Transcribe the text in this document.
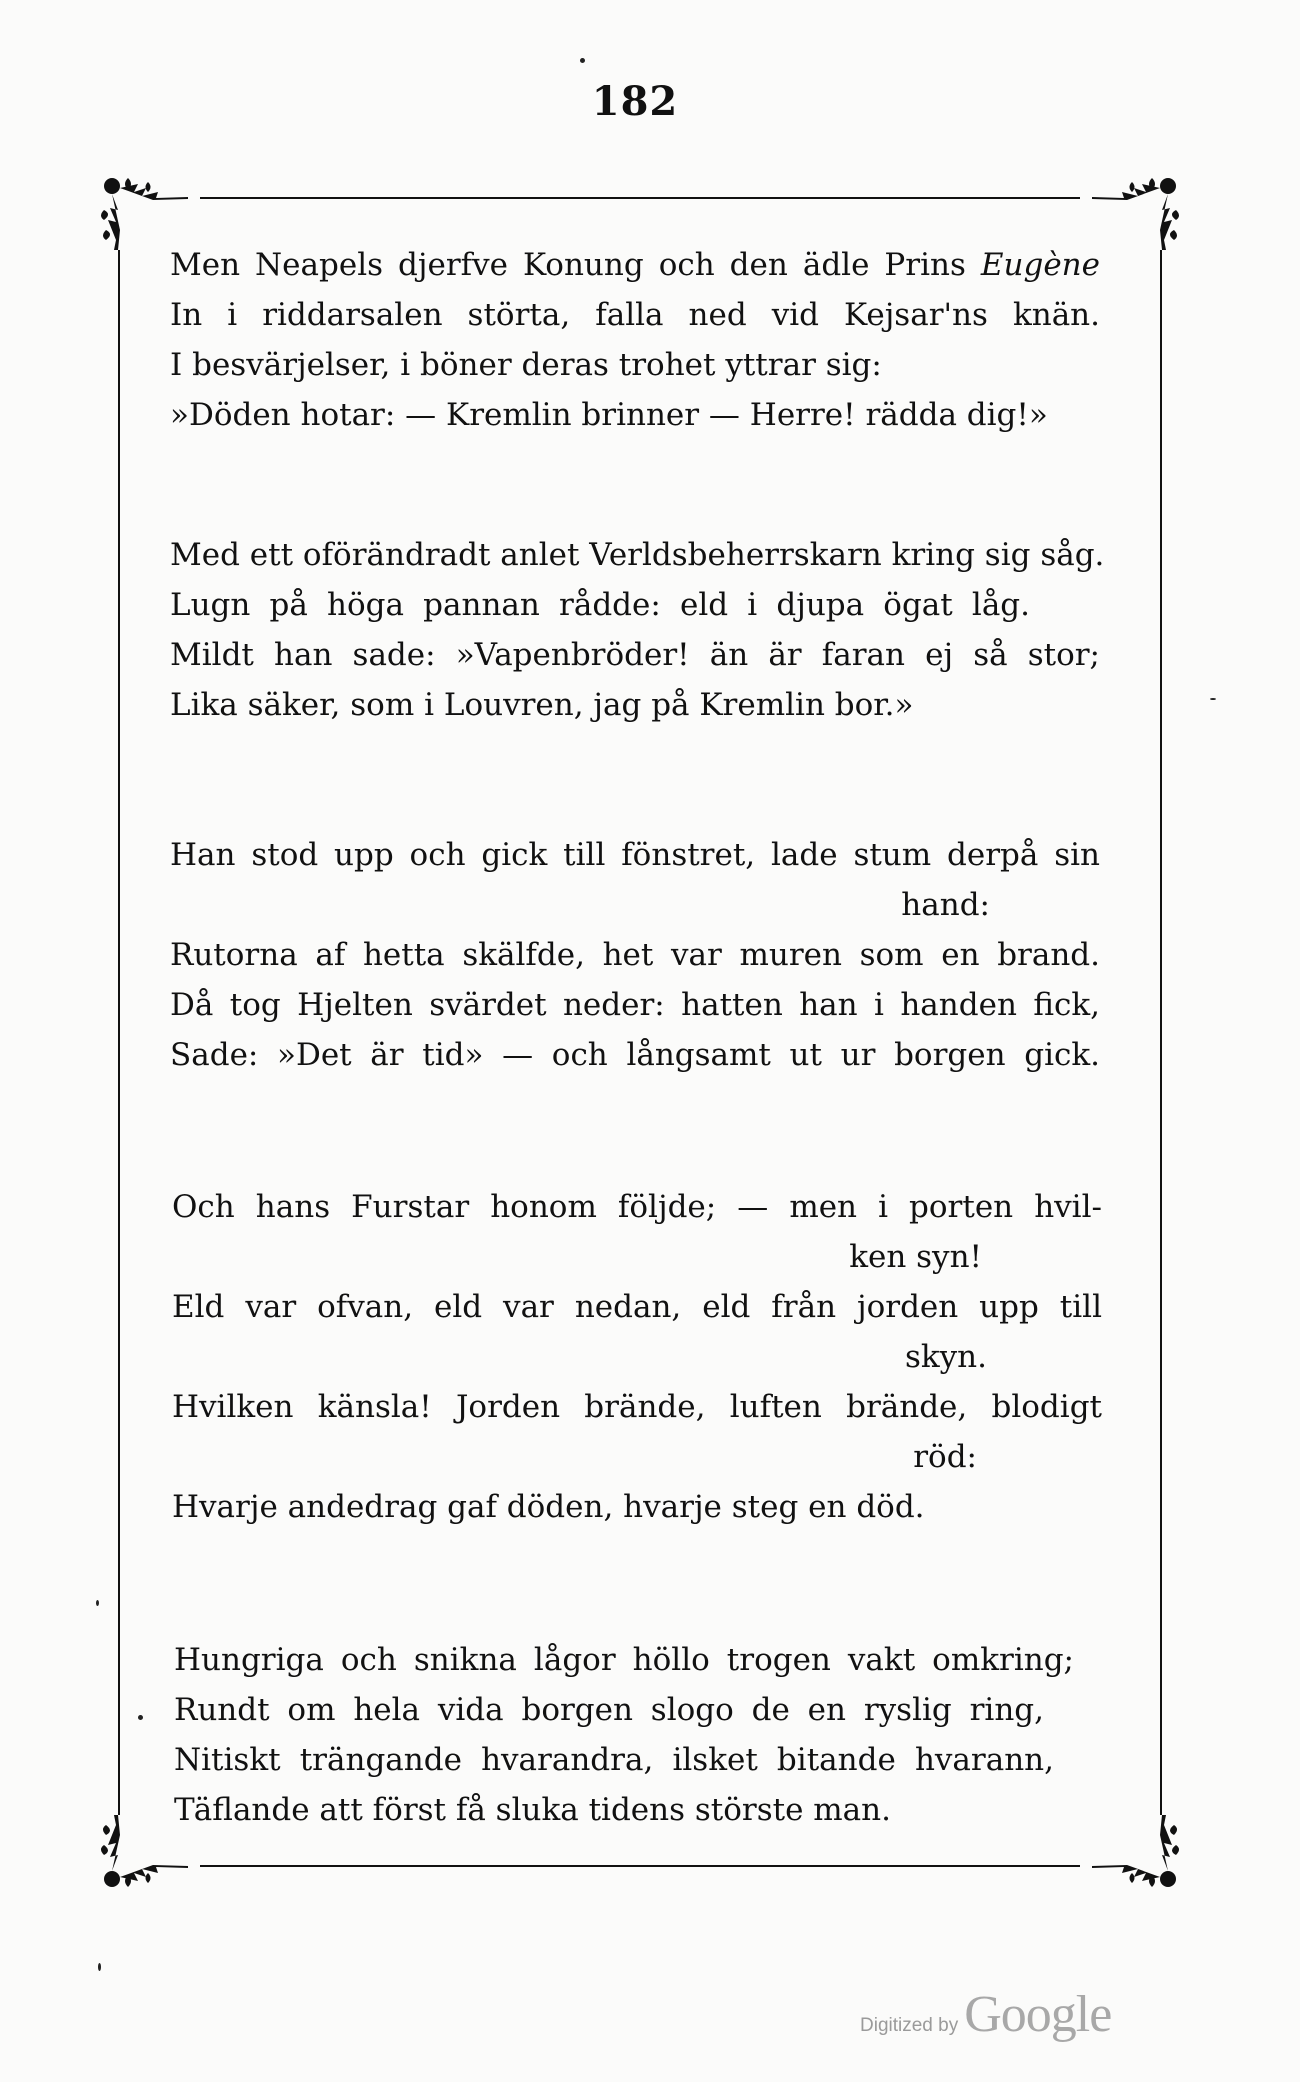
182
Men Neapels djerfve Konung och den ädle Prins Eugène
In i riddarsalen störta, falla ned vid Kejsar'ns knän.
I besvärjelser, i böner deras trohet yttrar sig:
»Döden hotar: — Kremlin brinner — Herre! rädda dig!»
Med ett oförändradt anlet Verldsbeherrskarn kring sig såg.
Lugn på höga pannan rådde: eld i djupa ögat låg.
Mildt han sade: »Vapenbröder! än är faran ej så stor;
Lika säker, som i Louvren, jag på Kremlin bor.»
Han stod upp och gick till fönstret, lade stum derpå sin
hand:
Rutorna af hetta skälfde, het var muren som en brand.
Då tog Hjelten svärdet neder: hatten han i handen fick,
Sade: »Det är tid» — och långsamt ut ur borgen gick.
Och hans Furstar honom följde; — men i porten hvil-
ken syn!
Eld var ofvan, eld var nedan, eld från jorden upp till
skyn.
Hvilken känsla! Jorden brände, luften brände, blodigt
röd:
Hvarje andedrag gaf döden, hvarje steg en död.
Hungriga och snikna lågor höllo trogen vakt omkring;
Rundt om hela vida borgen slogo de en ryslig ring,
Nitiskt trängande hvarandra, ilsket bitande hvarann,
Täflande att först få sluka tidens störste man.
Digitized by Google
